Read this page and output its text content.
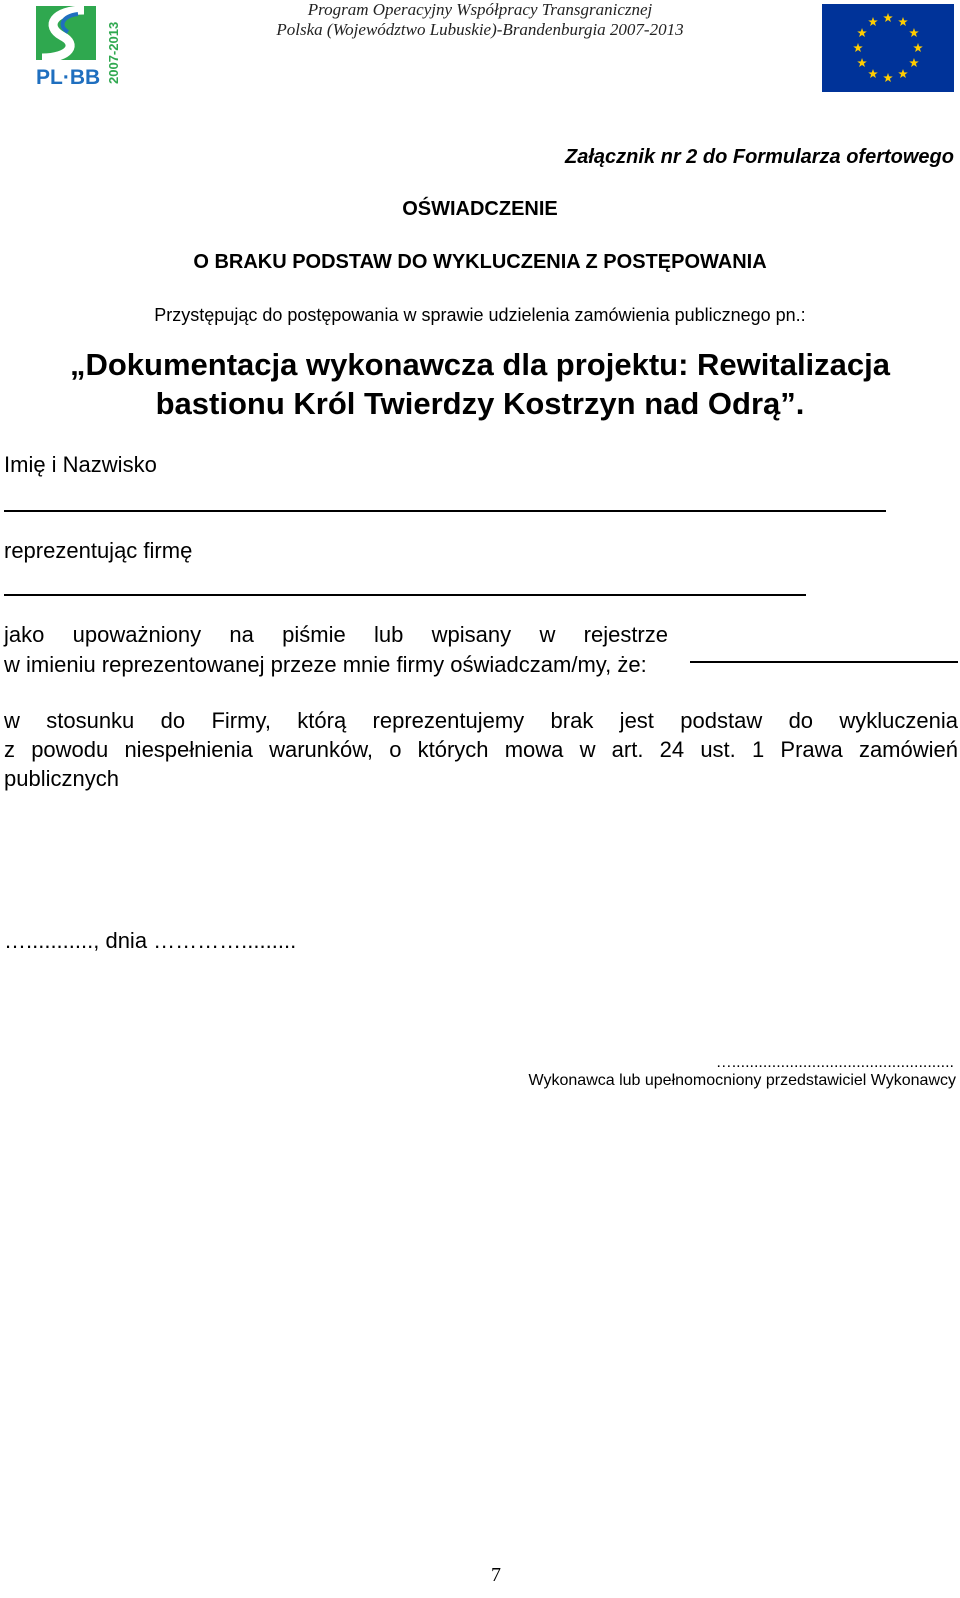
PL·BB 2007-2013
Program Operacyjny Współpracy Transgranicznej
Polska (Województwo Lubuskie)-Brandenburgia 2007-2013
Załącznik nr 2 do Formularza ofertowego
OŚWIADCZENIE
O BRAKU PODSTAW DO WYKLUCZENIA Z POSTĘPOWANIA
Przystępując do postępowania w sprawie udzielenia zamówienia publicznego pn.:
„Dokumentacja wykonawcza dla projektu: Rewitalizacja
bastionu Król Twierdzy Kostrzyn nad Odrą”.
Imię i Nazwisko
reprezentując firmę
jako upoważniony na piśmie lub wpisany w rejestrze
w imieniu reprezentowanej przeze mnie firmy oświadczam/my, że:
w stosunku do Firmy, którą reprezentujemy brak jest podstaw do wykluczenia
z powodu niespełnienia warunków, o których mowa w art. 24 ust. 1 Prawa zamówień
publicznych
…..........., dnia ………….........
…..................................................
Wykonawca lub upełnomocniony przedstawiciel Wykonawcy
7
